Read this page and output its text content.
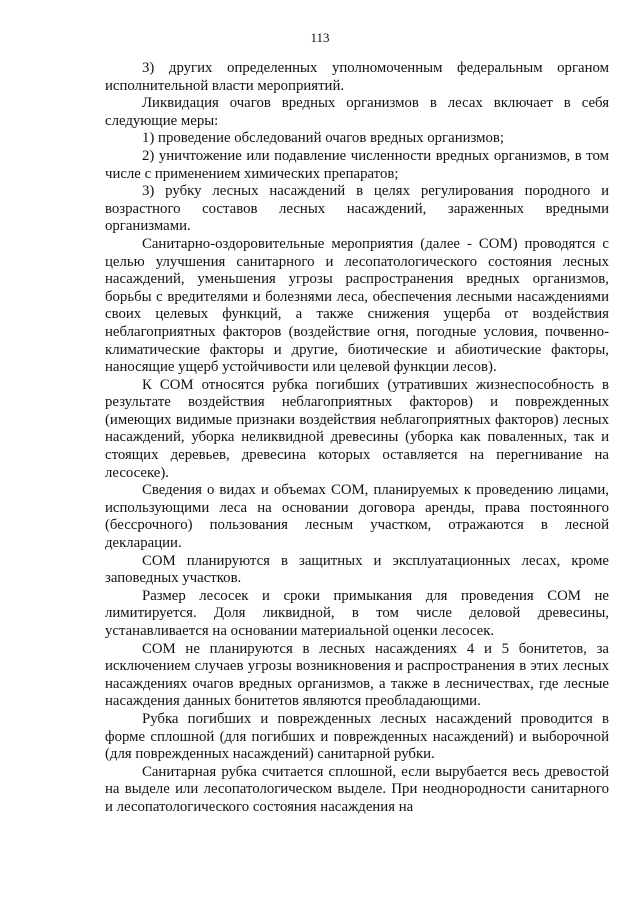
113

3) других определенных уполномоченным федеральным органом исполнительной власти мероприятий.

Ликвидация очагов вредных организмов в лесах включает в себя следующие меры:

1) проведение обследований очагов вредных организмов;

2) уничтожение или подавление численности вредных организмов, в том числе с применением химических препаратов;

3) рубку лесных насаждений в целях регулирования породного и возрастного составов лесных насаждений, зараженных вредными организмами.

Санитарно-оздоровительные мероприятия (далее - СОМ) проводятся с целью улучшения санитарного и лесопатологического состояния лесных насаждений, уменьшения угрозы распространения вредных организмов, борьбы с вредителями и болезнями леса, обеспечения лесными насаждениями своих целевых функций, а также снижения ущерба от воздействия неблагоприятных факторов (воздействие огня, погодные условия, почвенно-климатические факторы и другие, биотические и абиотические факторы, наносящие ущерб устойчивости или целевой функции лесов).

К СОМ относятся рубка погибших (утративших жизнеспособность в результате воздействия неблагоприятных факторов) и поврежденных (имеющих видимые признаки воздействия неблагоприятных факторов) лесных насаждений, уборка неликвидной древесины (уборка как поваленных, так и стоящих деревьев, древесина которых оставляется на перегнивание на лесосеке).

Сведения о видах и объемах СОМ, планируемых к проведению лицами, использующими леса на основании договора аренды, права постоянного (бессрочного) пользования лесным участком, отражаются в лесной декларации.

СОМ планируются в защитных и эксплуатационных лесах, кроме заповедных участков.

Размер лесосек и сроки примыкания для проведения СОМ не лимитируется. Доля ликвидной, в том числе деловой древесины, устанавливается на основании материальной оценки лесосек.

СОМ не планируются в лесных насаждениях 4 и 5 бонитетов, за исключением случаев угрозы возникновения и распространения в этих лесных насаждениях очагов вредных организмов, а также в лесничествах, где лесные насаждения данных бонитетов являются преобладающими.

Рубка погибших и поврежденных лесных насаждений проводится в форме сплошной (для погибших и поврежденных насаждений) и выборочной (для поврежденных насаждений) санитарной рубки.

Санитарная рубка считается сплошной, если вырубается весь древостой на выделе или лесопатологическом выделе. При неоднородности санитарного и лесопатологического состояния насаждения на
